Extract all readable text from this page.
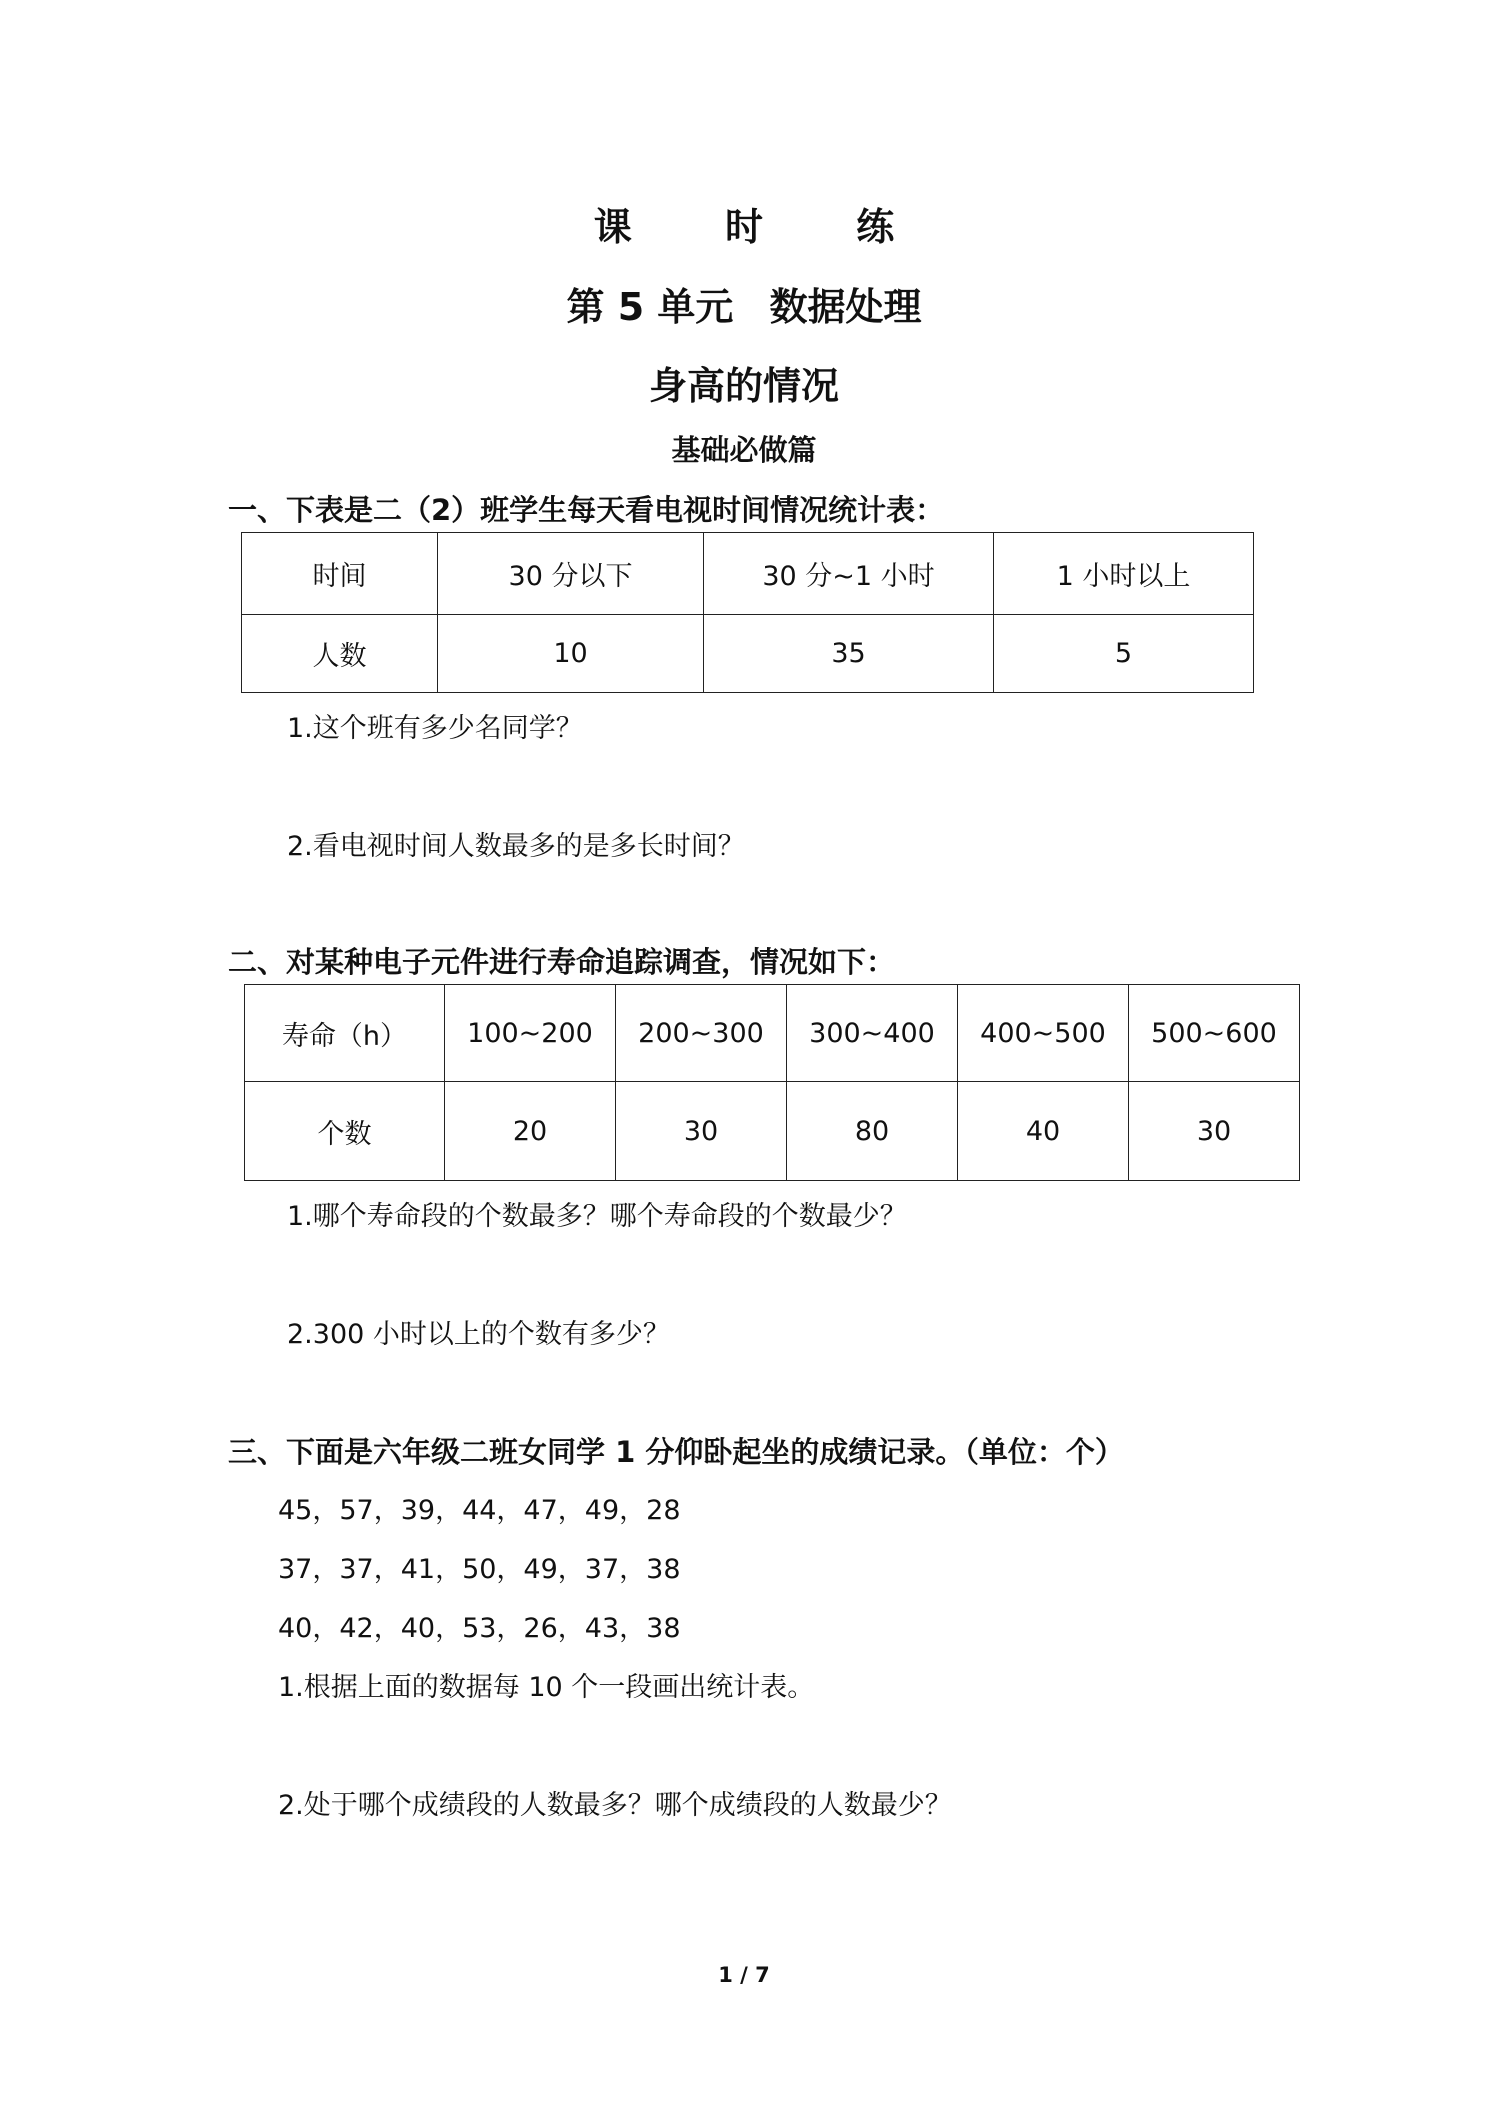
课 时 练
第 5 单元 数据处理
身高的情况
基础必做篇
一、下表是二（2）班学生每天看电视时间情况统计表：
时间	30 分以下	30 分~1 小时	1 小时以上
人数	10	35	5
1.这个班有多少名同学？
2.看电视时间人数最多的是多长时间？
二、对某种电子元件进行寿命追踪调查，情况如下：
寿命（h）	100~200	200~300	300~400	400~500	500~600
个数	20	30	80	40	30
1.哪个寿命段的个数最多？哪个寿命段的个数最少？
2.300 小时以上的个数有多少？
三、下面是六年级二班女同学 1 分仰卧起坐的成绩记录。（单位：个）
45，57，39，44，47，49，28
37，37，41，50，49，37，38
40，42，40，53，26，43，38
1.根据上面的数据每 10 个一段画出统计表。
2.处于哪个成绩段的人数最多？哪个成绩段的人数最少？
1 / 7
